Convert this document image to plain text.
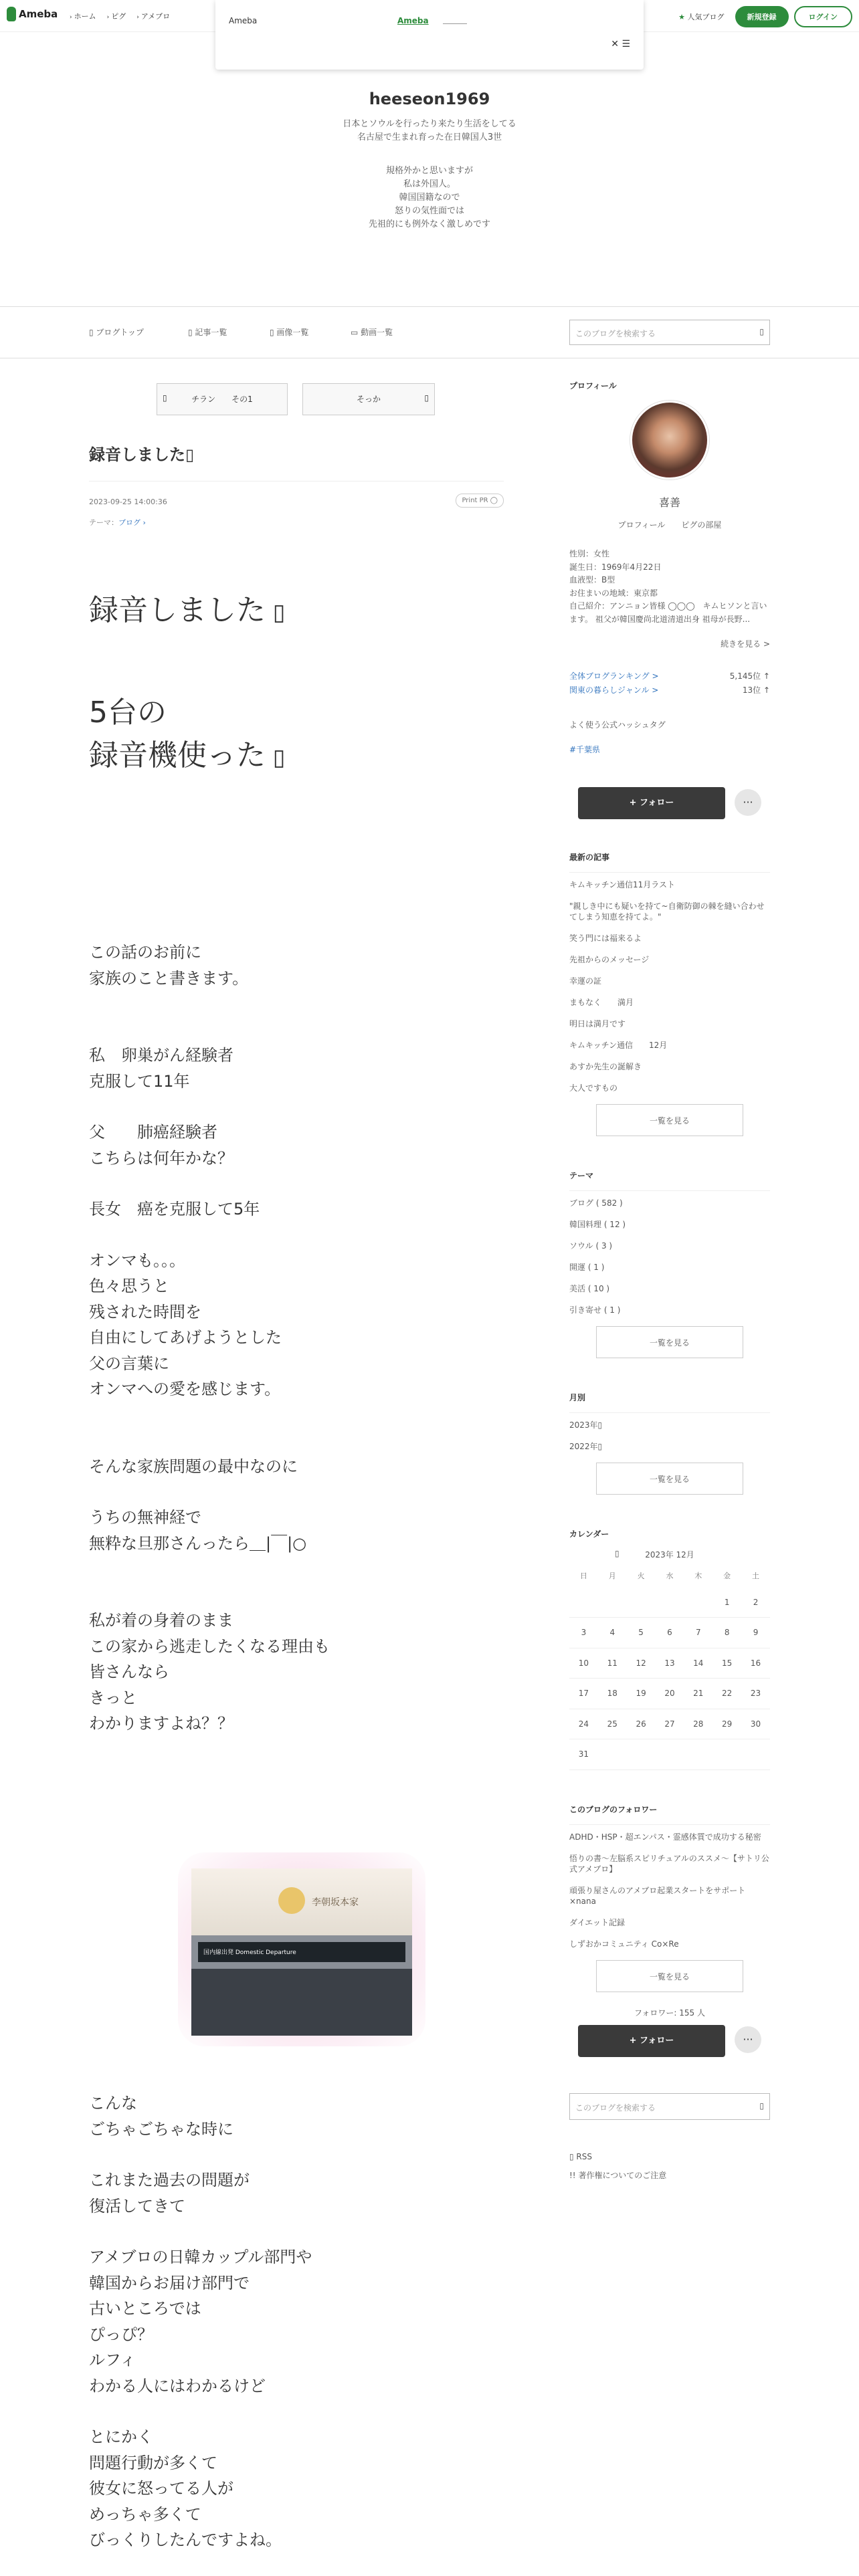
Ameba › ホーム › ピグ › アメブロ	★ 人気ブログ	新規登録	ログイン
Ameba	Ameba
✕ ☰
heeseon1969
日本とソウルを行ったり来たり生活をしてる
名古屋で生まれ育った在日韓国人3世
規格外かと思いますが
私は外国人。
韓国国籍なので
怒りの気性面では
先祖的にも例外なく激しめです
▯ ブログトップ	▯ 記事一覧	▯ 画像一覧	▭ 動画一覧	このブログを検索する	▯
▯	チラン　　その1	そっか	▯
録音しました▯
2023-09-25 14:00:36	Print PR ◯
テーマ：ブログ ›
録音しました ▯
5台の
録音機使った ▯
この話のお前に
家族のこと書きます。
私　卵巣がん経験者
克服して11年
父　　肺癌経験者
こちらは何年かな？
長女　癌を克服して5年
オンマも。。。
色々思うと
残された時間を
自由にしてあげようとした
父の言葉に
オンマへの愛を感じます。
そんな家族問題の最中なのに
うちの無神経で
無粋な旦那さんったら＿|￣|○
私が着の身着のまま
この家から逃走したくなる理由も
皆さんなら
きっと
わかりますよね？？
李朝坂本家
国内線出発 Domestic Departure
こんな
ごちゃごちゃな時に
これまた過去の問題が
復活してきて
アメブロの日韓カップル部門や
韓国からお届け部門で
古いところでは
ぴっぴ？
ルフィ
わかる人にはわかるけど
とにかく
問題行動が多くて
彼女に怒ってる人が
めっちゃ多くて
びっくりしたんですよね。
プロフィール
喜善
プロフィール　　ピグの部屋
性別：女性
誕生日：1969年4月22日
血液型：B型
お住まいの地域：東京都
自己紹介：アンニョン皆様 ◯◯◯　キムヒソンと言います。 祖父が韓国慶尚北道清道出身 祖母が長野...
続きを見る >
全体ブログランキング >	5,145位 ↑
関東の暮らしジャンル >	13位 ↑
よく使う公式ハッシュタグ
#千葉県
+ フォロー	···
最新の記事
キムキッチン通信11月ラスト
"親しき中にも疑いを持て~自衛防御の棘を縫い合わせてしまう知恵を持てよ。"
笑う門には福来るよ
先祖からのメッセージ
幸運の証
まもなく　　満月
明日は満月です
キムキッチン通信　　12月
あすか先生の誕解き
大人ですもの
一覧を見る
テーマ
ブログ ( 582 )
韓国料理 ( 12 )
ソウル ( 3 )
開運 ( 1 )
美活 ( 10 )
引き寄せ ( 1 )
一覧を見る
月別
2023年▯
2022年▯
一覧を見る
カレンダー
▯	2023年 12月
日	月	火	水	木	金	土
					1	2
3	4	5	6	7	8	9
10	11	12	13	14	15	16
17	18	19	20	21	22	23
24	25	26	27	28	29	30
31						
このブログのフォロワー
ADHD・HSP・超エンパス・霊感体質で成功する秘密
悟りの書〜左脳系スピリチュアルのススメ〜【サトリ公式アメブロ】
頑張り屋さんのアメブロ起業スタートをサポート×nana
ダイエット記録
しずおかコミュニティ Co×Re
一覧を見る
フォロワー: 155 人
+ フォロー	···
このブログを検索する	▯
▯ RSS
!! 著作権についてのご注意
